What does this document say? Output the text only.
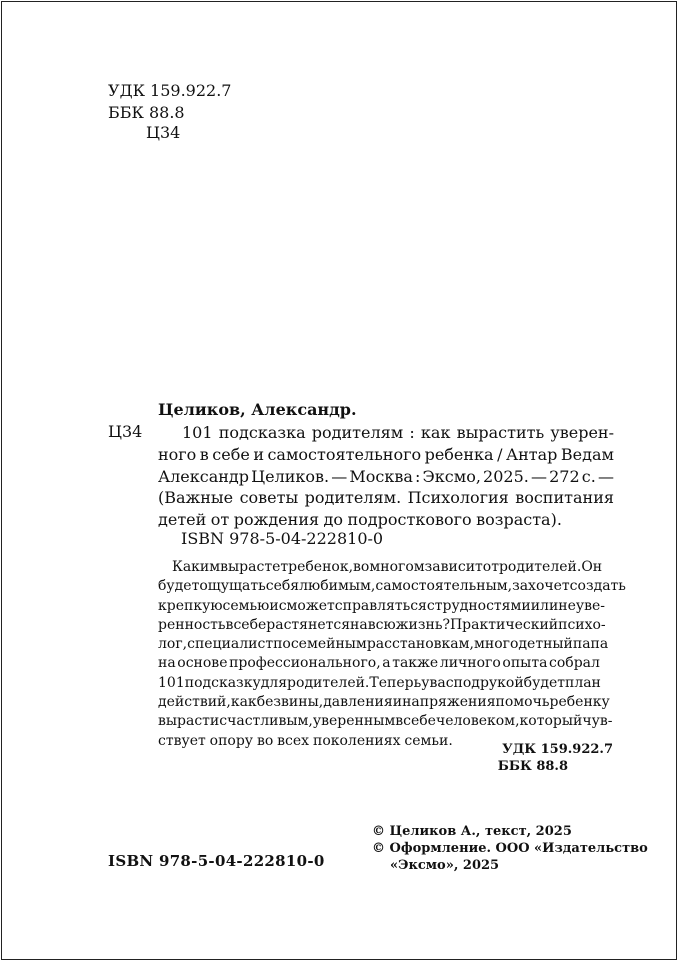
УДК 159.922.7
ББК 88.8
Ц34
Целиков, Александр.
Ц34 101 подсказка родителям : как вырастить уверен-
ного в себе и самостоятельного ребенка / Антар Ведам
Александр Целиков. — Москва : Эксмо, 2025. — 272 с. —
(Важные советы родителям. Психология воспитания
детей от рождения до подросткового возраста).
ISBN 978-5-04-222810-0
Каким вырастет ребенок, во многом зависит от родителей. Он
будет ощущать себя любимым, самостоятельным, захочет создать
крепкую семью и сможет справляться с трудностями или неуве-
ренность в себе растянется на всю жизнь? Практический психо-
лог, специалист по семейным расстановкам, многодетный папа
на основе профессионального, а также личного опыта собрал
101 подсказку для родителей. Теперь у вас под рукой будет план
действий, как без вины, давления и напряжения помочь ребенку
вырасти счастливым, уверенным в себе человеком, который чув-
ствует опору во всех поколениях семьи.
УДК 159.922.7
ББК 88.8
ISBN 978-5-04-222810-0
© Целиков А., текст, 2025
© Оформление. ООО «Издательство
«Эксмо», 2025
